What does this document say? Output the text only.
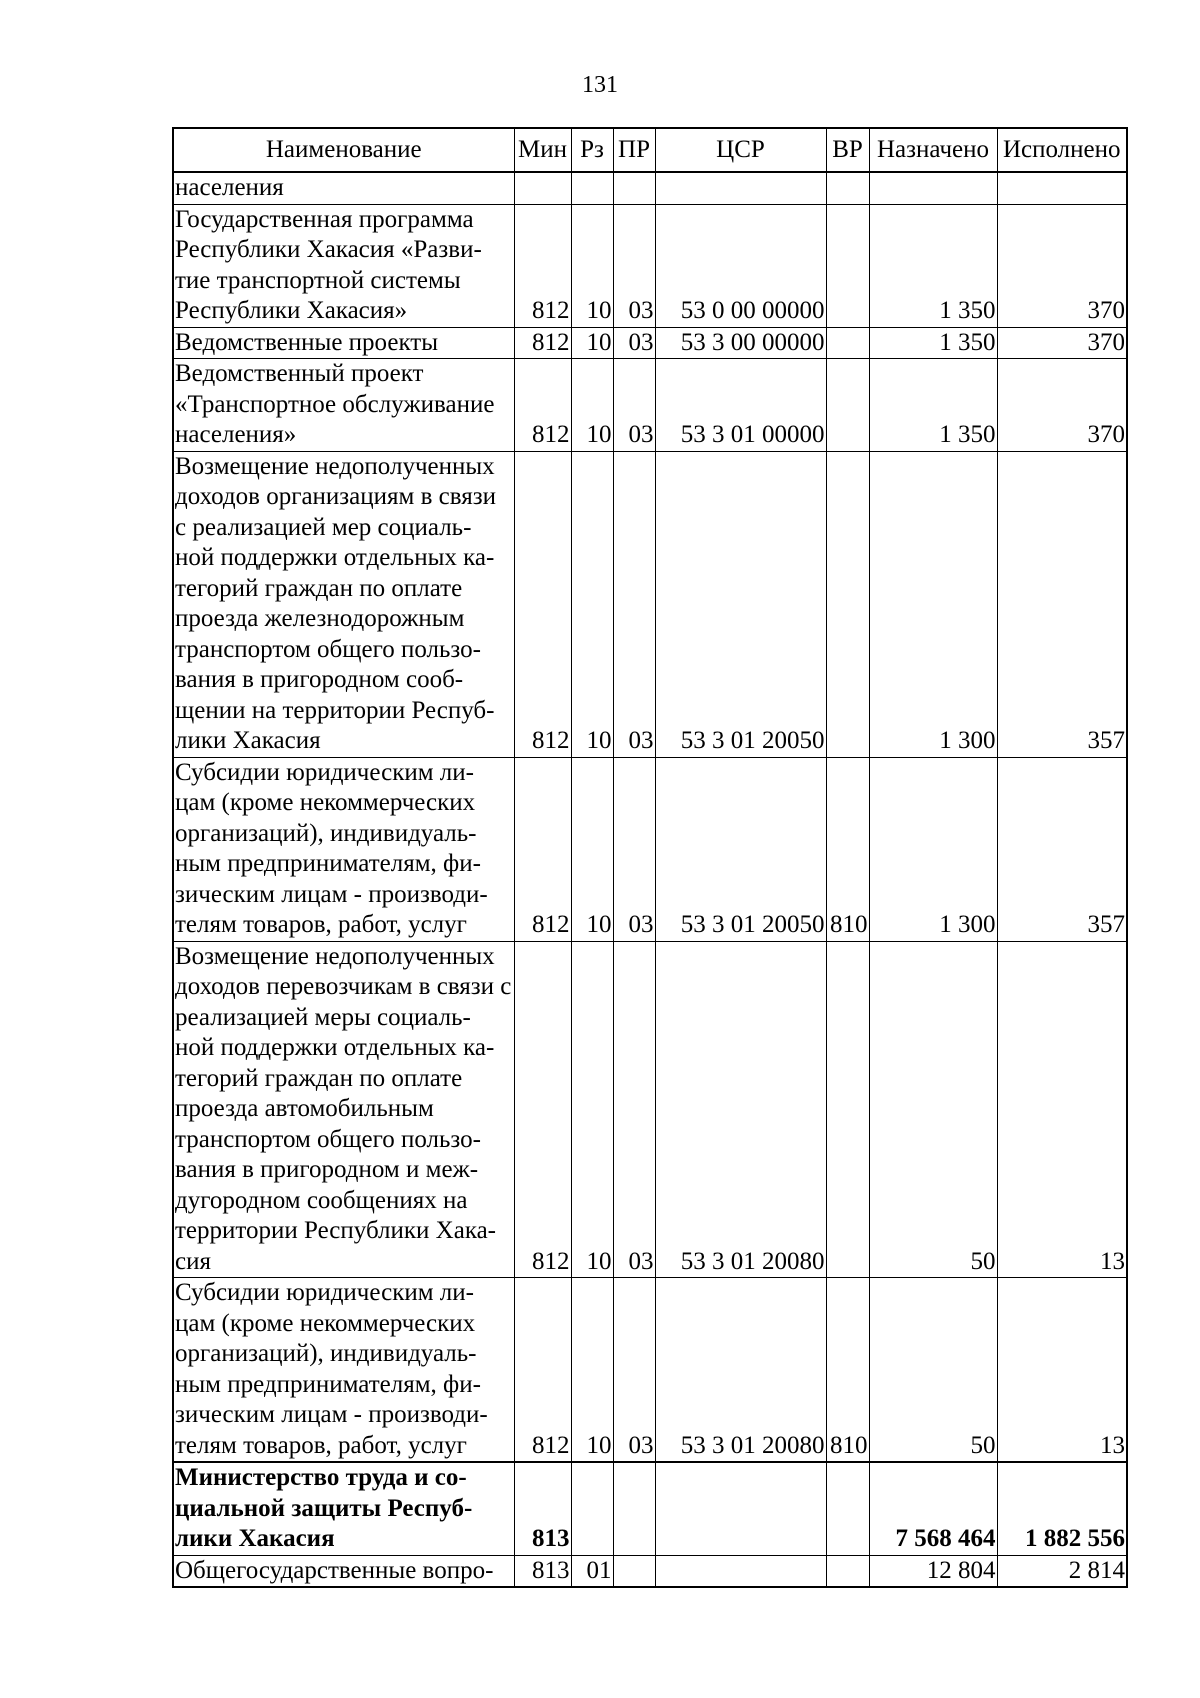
131
Наименование	Мин	Рз	ПР	ЦСР	ВР	Назначено	Исполнено
населения							
Государственная программа Республики Хакасия «Разви- тие транспортной системы Республики Хакасия»	812	10	03	53 0 00 00000		1 350	370
Ведомственные проекты	812	10	03	53 3 00 00000		1 350	370
Ведомственный проект «Транспортное обслуживание населения»	812	10	03	53 3 01 00000		1 350	370
Возмещение недополученных доходов организациям в связи с реализацией мер социаль- ной поддержки отдельных ка- тегорий граждан по оплате проезда железнодорожным транспортом общего пользо- вания в пригородном сооб- щении на территории Респуб- лики Хакасия	812	10	03	53 3 01 20050		1 300	357
Субсидии юридическим ли- цам (кроме некоммерческих организаций), индивидуаль- ным предпринимателям, фи- зическим лицам - производи- телям товаров, работ, услуг	812	10	03	53 3 01 20050	810	1 300	357
Возмещение недополученных доходов перевозчикам в связи с реализацией меры социаль- ной поддержки отдельных ка- тегорий граждан по оплате проезда автомобильным транспортом общего пользо- вания в пригородном и меж- дугородном сообщениях на территории Республики Хака- сия	812	10	03	53 3 01 20080		50	13
Субсидии юридическим ли- цам (кроме некоммерческих организаций), индивидуаль- ным предпринимателям, фи- зическим лицам - производи- телям товаров, работ, услуг	812	10	03	53 3 01 20080	810	50	13
Министерство труда и со- циальной защиты Респуб- лики Хакасия	813					7 568 464	1 882 556
Общегосударственные вопро-	813	01				12 804	2 814
